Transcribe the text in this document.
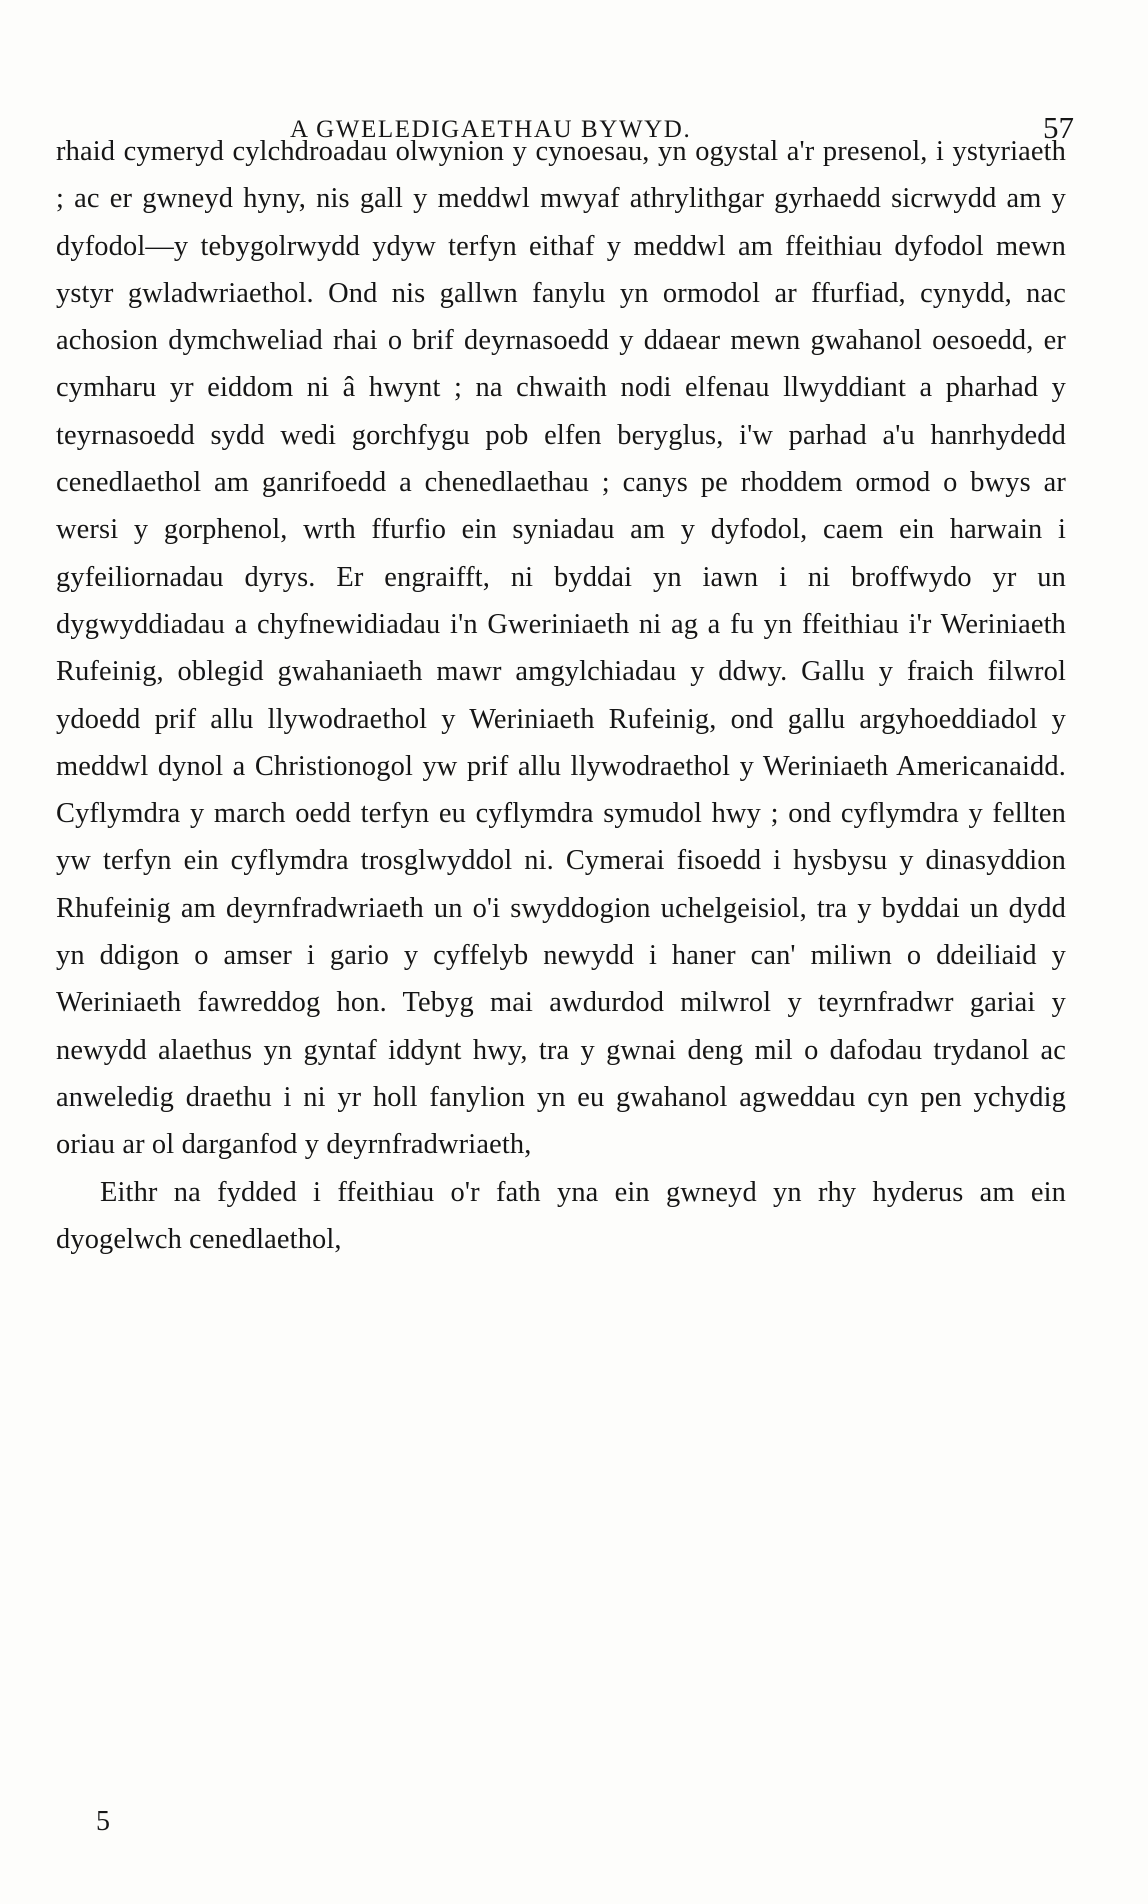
A GWELEDIGAETHAU BYWYD.	57

rhaid cymeryd cylchdroadau olwynion y cynoesau, yn ogystal a'r presenol, i ystyriaeth ; ac er gwneyd hyny, nis gall y meddwl mwyaf athrylithgar gyrhaedd sicrwydd am y dyfodol—y tebygolrwydd ydyw terfyn eithaf y meddwl am ffeithiau dyfodol mewn ystyr gwladwriaethol. Ond nis gallwn fanylu yn ormodol ar ffurfiad, cynydd, nac achosion dymchweliad rhai o brif deyrnasoedd y ddaear mewn gwahanol oesoedd, er cymharu yr eiddom ni â hwynt ; na chwaith nodi elfenau llwyddiant a pharhad y teyrnasoedd sydd wedi gorchfygu pob elfen beryglus, i'w parhad a'u hanrhydedd cenedlaethol am ganrifoedd a chenedlaethau ; canys pe rhoddem ormod o bwys ar wersi y gorphenol, wrth ffurfio ein syniadau am y dyfodol, caem ein harwain i gyfeiliornadau dyrys. Er engraifft, ni byddai yn iawn i ni broffwydo yr un dygwyddiadau a chyfnewidiadau i'n Gweriniaeth ni ag a fu yn ffeithiau i'r Weriniaeth Rufeinig, oblegid gwahaniaeth mawr amgylchiadau y ddwy. Gallu y fraich filwrol ydoedd prif allu llywodraethol y Weriniaeth Rufeinig, ond gallu argyhoeddiadol y meddwl dynol a Christionogol yw prif allu llywodraethol y Weriniaeth Americanaidd. Cyflymdra y march oedd terfyn eu cyflymdra symudol hwy ; ond cyflymdra y fellten yw terfyn ein cyflymdra trosglwyddol ni. Cymerai fisoedd i hysbysu y dinasyddion Rhufeinig am deyrnfradwriaeth un o'i swyddogion uchelgeisiol, tra y byddai un dydd yn ddigon o amser i gario y cyffelyb newydd i haner can' miliwn o ddeiliaid y Weriniaeth fawreddog hon. Tebyg mai awdurdod milwrol y teyrnfradwr gariai y newydd alaethus yn gyntaf iddynt hwy, tra y gwnai deng mil o dafodau trydanol ac anweledig draethu i ni yr holl fanylion yn eu gwahanol agweddau cyn pen ychydig oriau ar ol darganfod y deyrnfradwriaeth,

Eithr na fydded i ffeithiau o'r fath yna ein gwneyd yn rhy hyderus am ein dyogelwch cenedlaethol,

5
